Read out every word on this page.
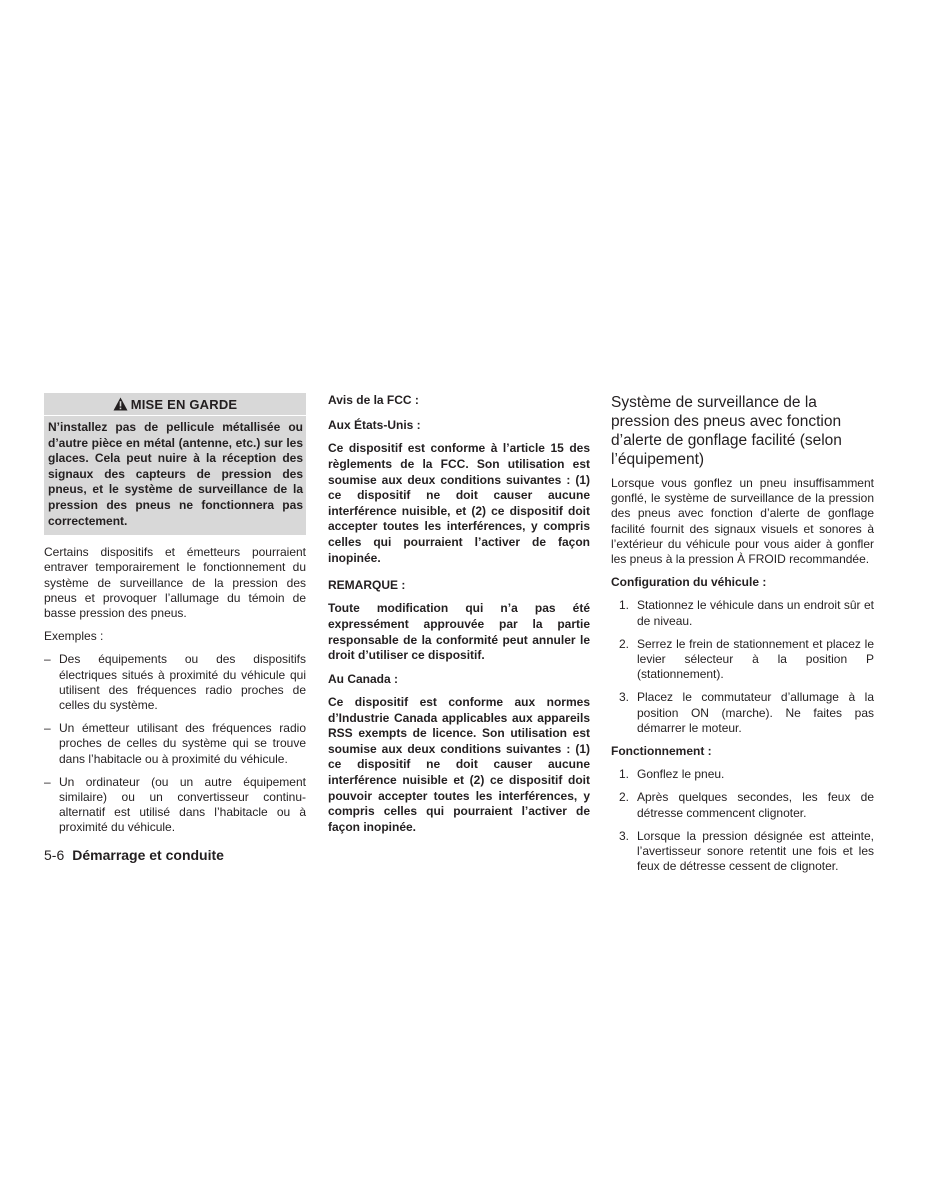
MISE EN GARDE

N’installez pas de pellicule métallisée ou d’autre pièce en métal (antenne, etc.) sur les glaces. Cela peut nuire à la réception des signaux des capteurs de pression des pneus, et le système de surveillance de la pression des pneus ne fonctionnera pas correctement.

Certains dispositifs et émetteurs pourraient entraver temporairement le fonctionnement du système de surveillance de la pression des pneus et provoquer l’allumage du témoin de basse pression des pneus.

Exemples :

– Des équipements ou des dispositifs électriques situés à proximité du véhicule qui utilisent des fréquences radio proches de celles du système.
– Un émetteur utilisant des fréquences radio proches de celles du système qui se trouve dans l’habitacle ou à proximité du véhicule.
– Un ordinateur (ou un autre équipement similaire) ou un convertisseur continu-alternatif est utilisé dans l’habitacle ou à proximité du véhicule.

Avis de la FCC :

Aux États-Unis :

Ce dispositif est conforme à l’article 15 des règlements de la FCC. Son utilisation est soumise aux deux conditions suivantes : (1) ce dispositif ne doit causer aucune interférence nuisible, et (2) ce dispositif doit accepter toutes les interférences, y compris celles qui pourraient l’activer de façon inopinée.

REMARQUE :

Toute modification qui n’a pas été expressément approuvée par la partie responsable de la conformité peut annuler le droit d’utiliser ce dispositif.

Au Canada :

Ce dispositif est conforme aux normes d’Industrie Canada applicables aux appareils RSS exempts de licence. Son utilisation est soumise aux deux conditions suivantes : (1) ce dispositif ne doit causer aucune interférence nuisible et (2) ce dispositif doit pouvoir accepter toutes les interférences, y compris celles qui pourraient l’activer de façon inopinée.

Système de surveillance de la pression des pneus avec fonction d’alerte de gonflage facilité (selon l’équipement)

Lorsque vous gonflez un pneu insuffisamment gonflé, le système de surveillance de la pression des pneus avec fonction d’alerte de gonflage facilité fournit des signaux visuels et sonores à l’extérieur du véhicule pour vous aider à gonfler les pneus à la pression À FROID recommandée.

Configuration du véhicule :

1. Stationnez le véhicule dans un endroit sûr et de niveau.
2. Serrez le frein de stationnement et placez le levier sélecteur à la position P (stationnement).
3. Placez le commutateur d’allumage à la position ON (marche). Ne faites pas démarrer le moteur.

Fonctionnement :

1. Gonflez le pneu.
2. Après quelques secondes, les feux de détresse commencent clignoter.
3. Lorsque la pression désignée est atteinte, l’avertisseur sonore retentit une fois et les feux de détresse cessent de clignoter.
5-6 Démarrage et conduite
